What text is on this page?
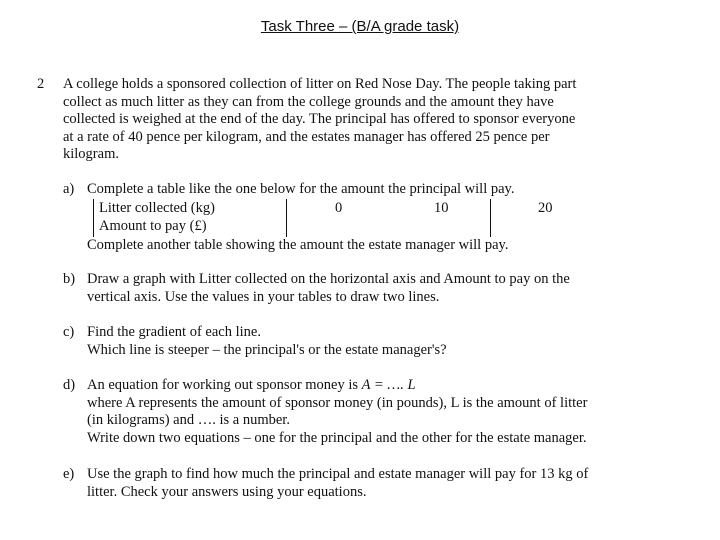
Task Three – (B/A grade task)
2 A college holds a sponsored collection of litter on Red Nose Day. The people taking part
collect as much litter as they can from the college grounds and the amount they have
collected is weighed at the end of the day. The principal has offered to sponsor everyone
at a rate of 40 pence per kilogram, and the estates manager has offered 25 pence per
kilogram.
a) Complete a table like the one below for the amount the principal will pay.
Litter collected (kg)	0	10	20
Amount to pay (£)
Complete another table showing the amount the estate manager will pay.
b) Draw a graph with Litter collected on the horizontal axis and Amount to pay on the
vertical axis. Use the values in your tables to draw two lines.
c) Find the gradient of each line.
Which line is steeper – the principal's or the estate manager's?
d) An equation for working out sponsor money is A = …. L
where A represents the amount of sponsor money (in pounds), L is the amount of litter
(in kilograms) and …. is a number.
Write down two equations – one for the principal and the other for the estate manager.
e) Use the graph to find how much the principal and estate manager will pay for 13 kg of
litter. Check your answers using your equations.
